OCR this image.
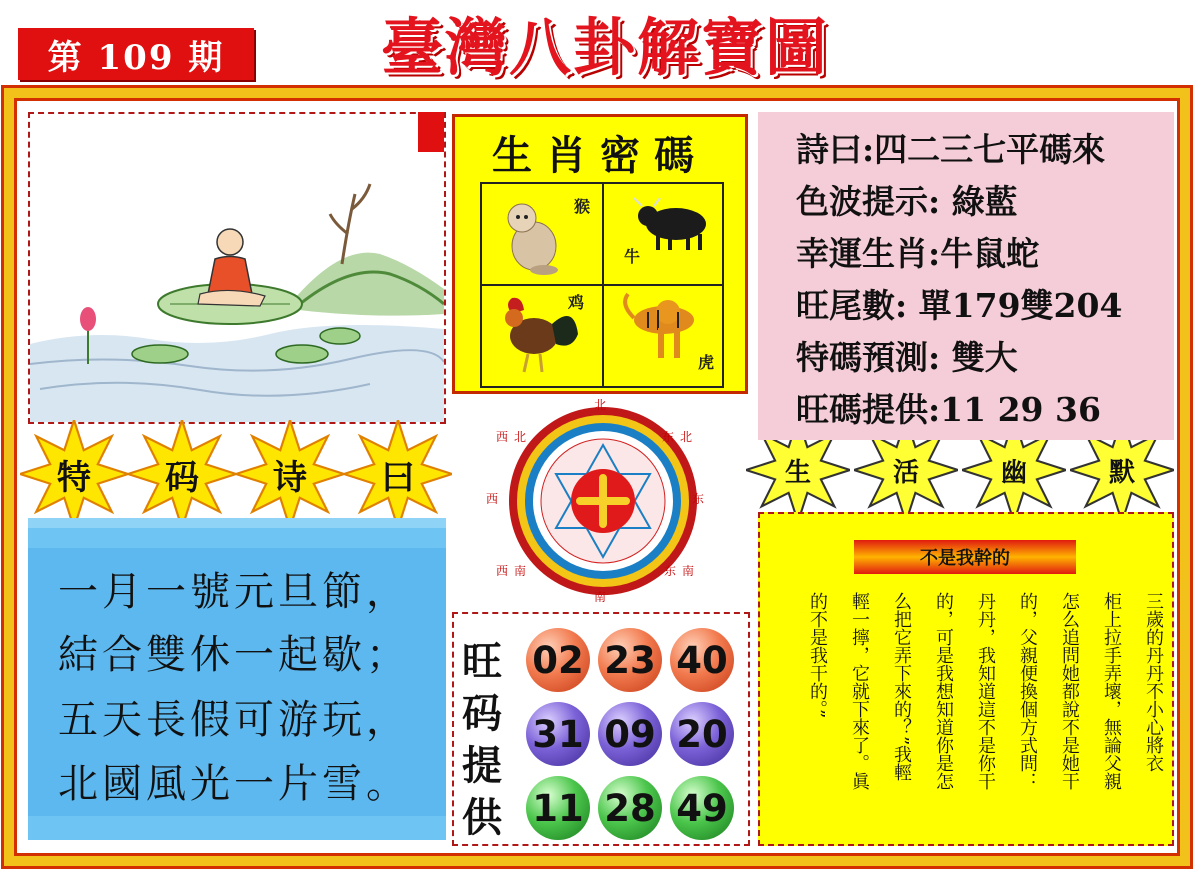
第 109 期	臺灣八卦解寶圖
特	码	诗	曰	生	活	幽	默
一月一號元旦節，
結合雙休一起歇；
五天長假可游玩，
北國風光一片雪。
生肖密碼
猴
牛
鸡
虎
詩曰:四二三七平碼來
色波提示: 綠藍
幸運生肖:牛鼠蛇
旺尾數: 單179雙204
特碼預測: 雙大
旺碼提供:11 29 36
北
东 北
东
南
东
南
西 南
西
西 北
旺
码
提
供
02 23 40
31 09 20
11 28 49
不是我幹的
三歲的丹丹不小心將衣
柜上拉手弄壞，無論父親
怎么追問她都說不是她干
的，父親便換個方式問：
丹丹，我知道這不是你干
的，可是我想知道你是怎
么把它弄下來的？”我輕
輕一擰，它就下來了。眞
的不是我干的。”
